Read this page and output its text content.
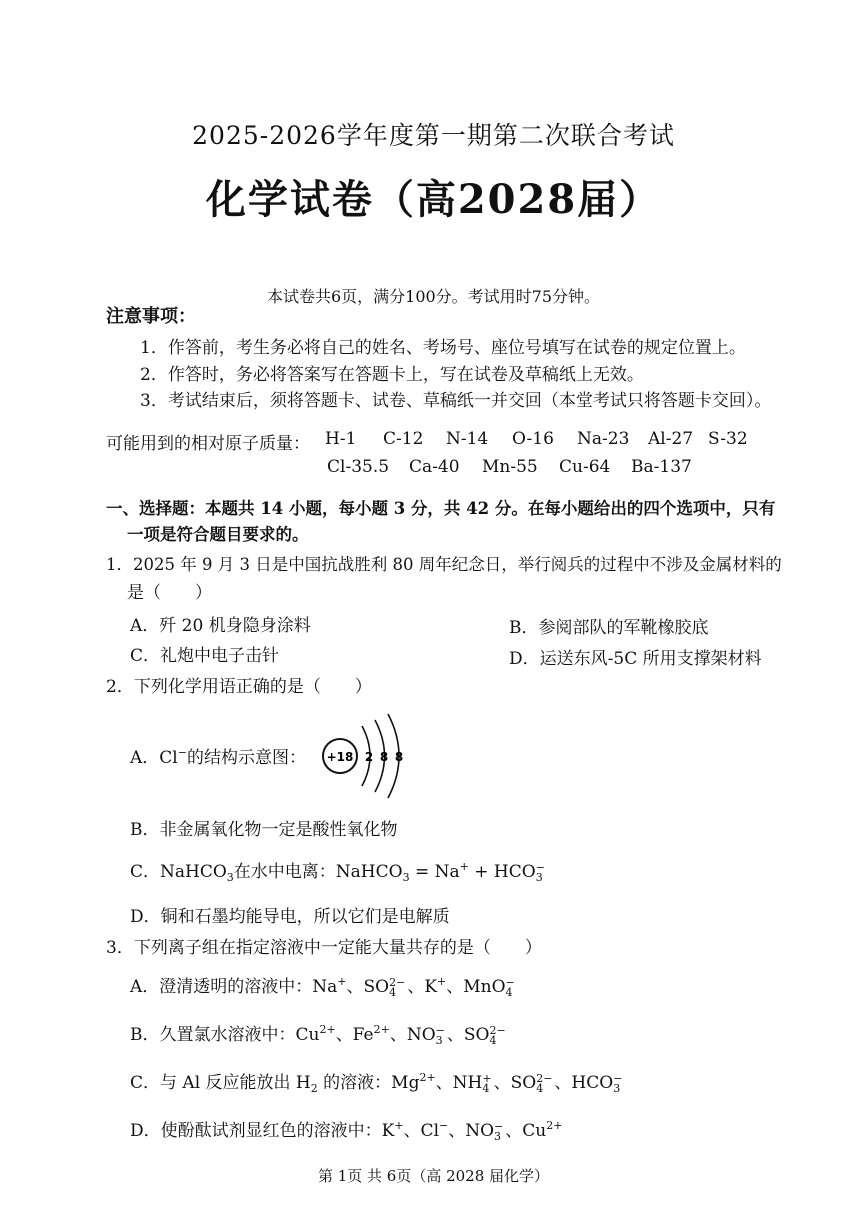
2025-2026学年度第一期第二次联合考试
化学试卷（高2028届）
本试卷共6页，满分100分。考试用时75分钟。
注意事项：
1．作答前，考生务必将自己的姓名、考场号、座位号填写在试卷的规定位置上。
2．作答时，务必将答案写在答题卡上，写在试卷及草稿纸上无效。
3．考试结束后，须将答题卡、试卷、草稿纸一并交回（本堂考试只将答题卡交回）。
可能用到的相对原子质量： H-1 C-12 N-14 O-16 Na-23 Al-27 S-32
Cl-35.5 Ca-40 Mn-55 Cu-64 Ba-137
一、选择题：本题共 14 小题，每小题 3 分，共 42 分。在每小题给出的四个选项中，只有
一项是符合题目要求的。
1．2025 年 9 月 3 日是中国抗战胜利 80 周年纪念日，举行阅兵的过程中不涉及金属材料的
是（　　）
A．歼 20 机身隐身涂料	B．参阅部队的军靴橡胶底
C．礼炮中电子击针	D．运送东风-5C 所用支撑架材料
2．下列化学用语正确的是（　　）
A．Cl−的结构示意图： +18 2 8 8
B．非金属氧化物一定是酸性氧化物
C．NaHCO$_3$在水中电离：NaHCO$_3$ = Na+ + HCO −
3
D．铜和石墨均能导电，所以它们是电解质
3．下列离子组在指定溶液中一定能大量共存的是（　　）
A．澄清透明的溶液中：Na+、SO 2−
4 、K+、MnO −
4
B．久置氯水溶液中：$Cu^{2+}$、$Fe^{2+}$、NO −
3 、SO 2−
4
C．与 Al 反应能放出 $H_2$ 的溶液：$Mg^{2+}$、NH +
4 、SO 2−
4 、HCO −
3
D．使酚酞试剂显红色的溶液中：K+、Cl−、NO −
3 、$Cu^{2+}$
第 1页 共 6页（高 2028 届化学）
